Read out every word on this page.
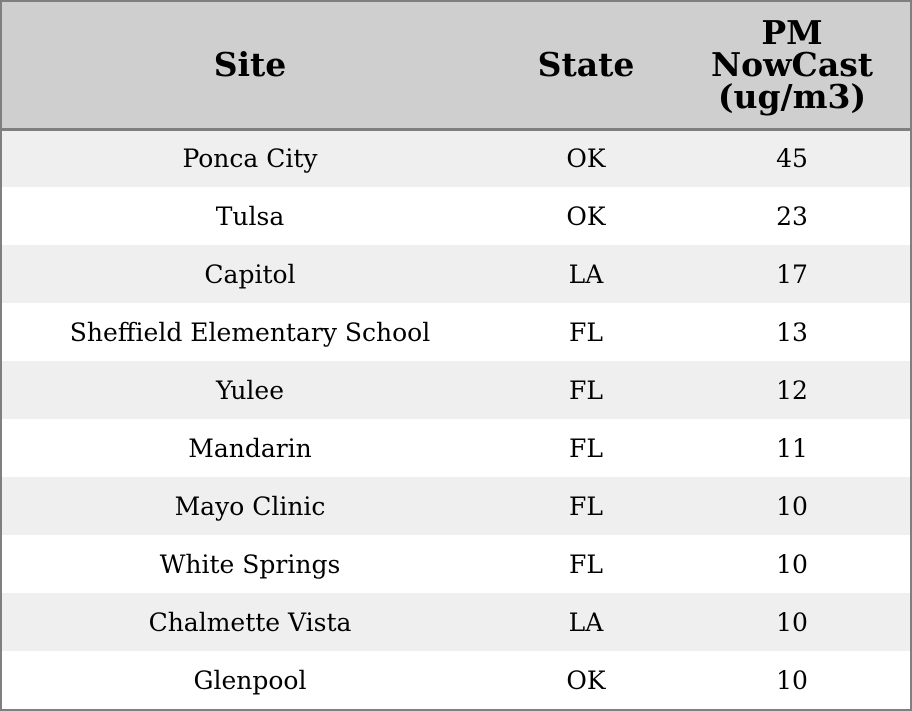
Site	State	PM
NowCast
(ug/m3)
Ponca City	OK	45
Tulsa	OK	23
Capitol	LA	17
Sheffield Elementary School	FL	13
Yulee	FL	12
Mandarin	FL	11
Mayo Clinic	FL	10
White Springs	FL	10
Chalmette Vista	LA	10
Glenpool	OK	10
